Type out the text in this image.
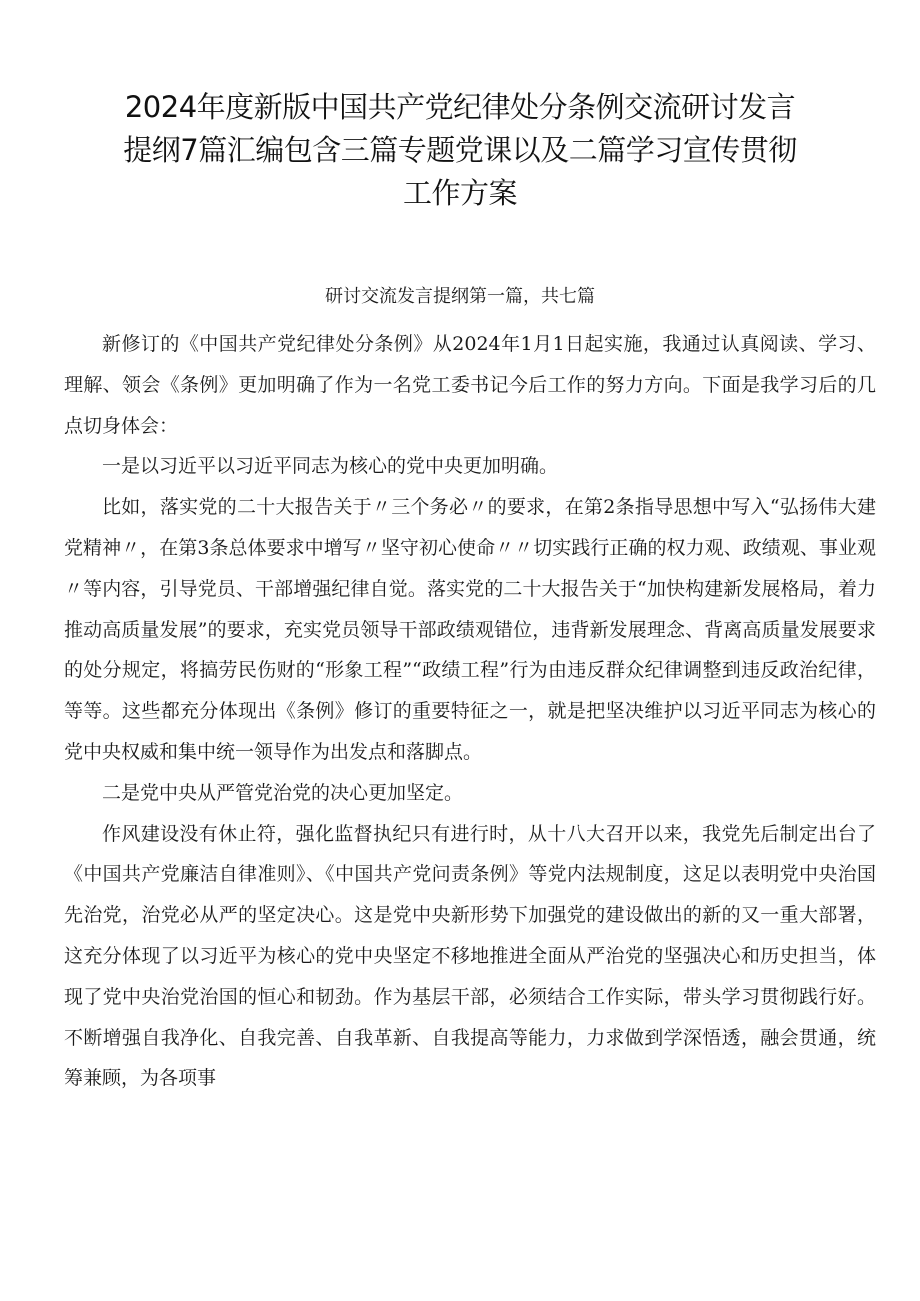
2024年度新版中国共产党纪律处分条例交流研讨发言
提纲7篇汇编包含三篇专题党课以及二篇学习宣传贯彻
工作方案
研讨交流发言提纲第一篇，共七篇

新修订的《中国共产党纪律处分条例》从2024年1月1日起实施，我通过认真阅读、学习、理解、领会《条例》更加明确了作为一名党工委书记今后工作的努力方向。下面是我学习后的几点切身体会：

一是以习近平以习近平同志为核心的党中央更加明确。

比如，落实党的二十大报告关于〃三个务必〃的要求，在第2条指导思想中写入“弘扬伟大建党精神〃，在第3条总体要求中增写〃坚守初心使命〃〃切实践行正确的权力观、政绩观、事业观〃等内容，引导党员、干部增强纪律自觉。落实党的二十大报告关于“加快构建新发展格局，着力推动高质量发展”的要求，充实党员领导干部政绩观错位，违背新发展理念、背离高质量发展要求的处分规定，将搞劳民伤财的“形象工程”“政绩工程”行为由违反群众纪律调整到违反政治纪律，等等。这些都充分体现出《条例》修订的重要特征之一，就是把坚决维护以习近平同志为核心的党中央权威和集中统一领导作为出发点和落脚点。

二是党中央从严管党治党的决心更加坚定。

作风建设没有休止符，强化监督执纪只有进行时，从十八大召开以来，我党先后制定出台了《中国共产党廉洁自律准则》、《中国共产党问责条例》等党内法规制度，这足以表明党中央治国先治党，治党必从严的坚定决心。这是党中央新形势下加强党的建设做出的新的又一重大部署，这充分体现了以习近平为核心的党中央坚定不移地推进全面从严治党的坚强决心和历史担当，体现了党中央治党治国的恒心和韧劲。作为基层干部，必须结合工作实际，带头学习贯彻践行好。不断增强自我净化、自我完善、自我革新、自我提高等能力，力求做到学深悟透，融会贯通，统筹兼顾，为各项事
